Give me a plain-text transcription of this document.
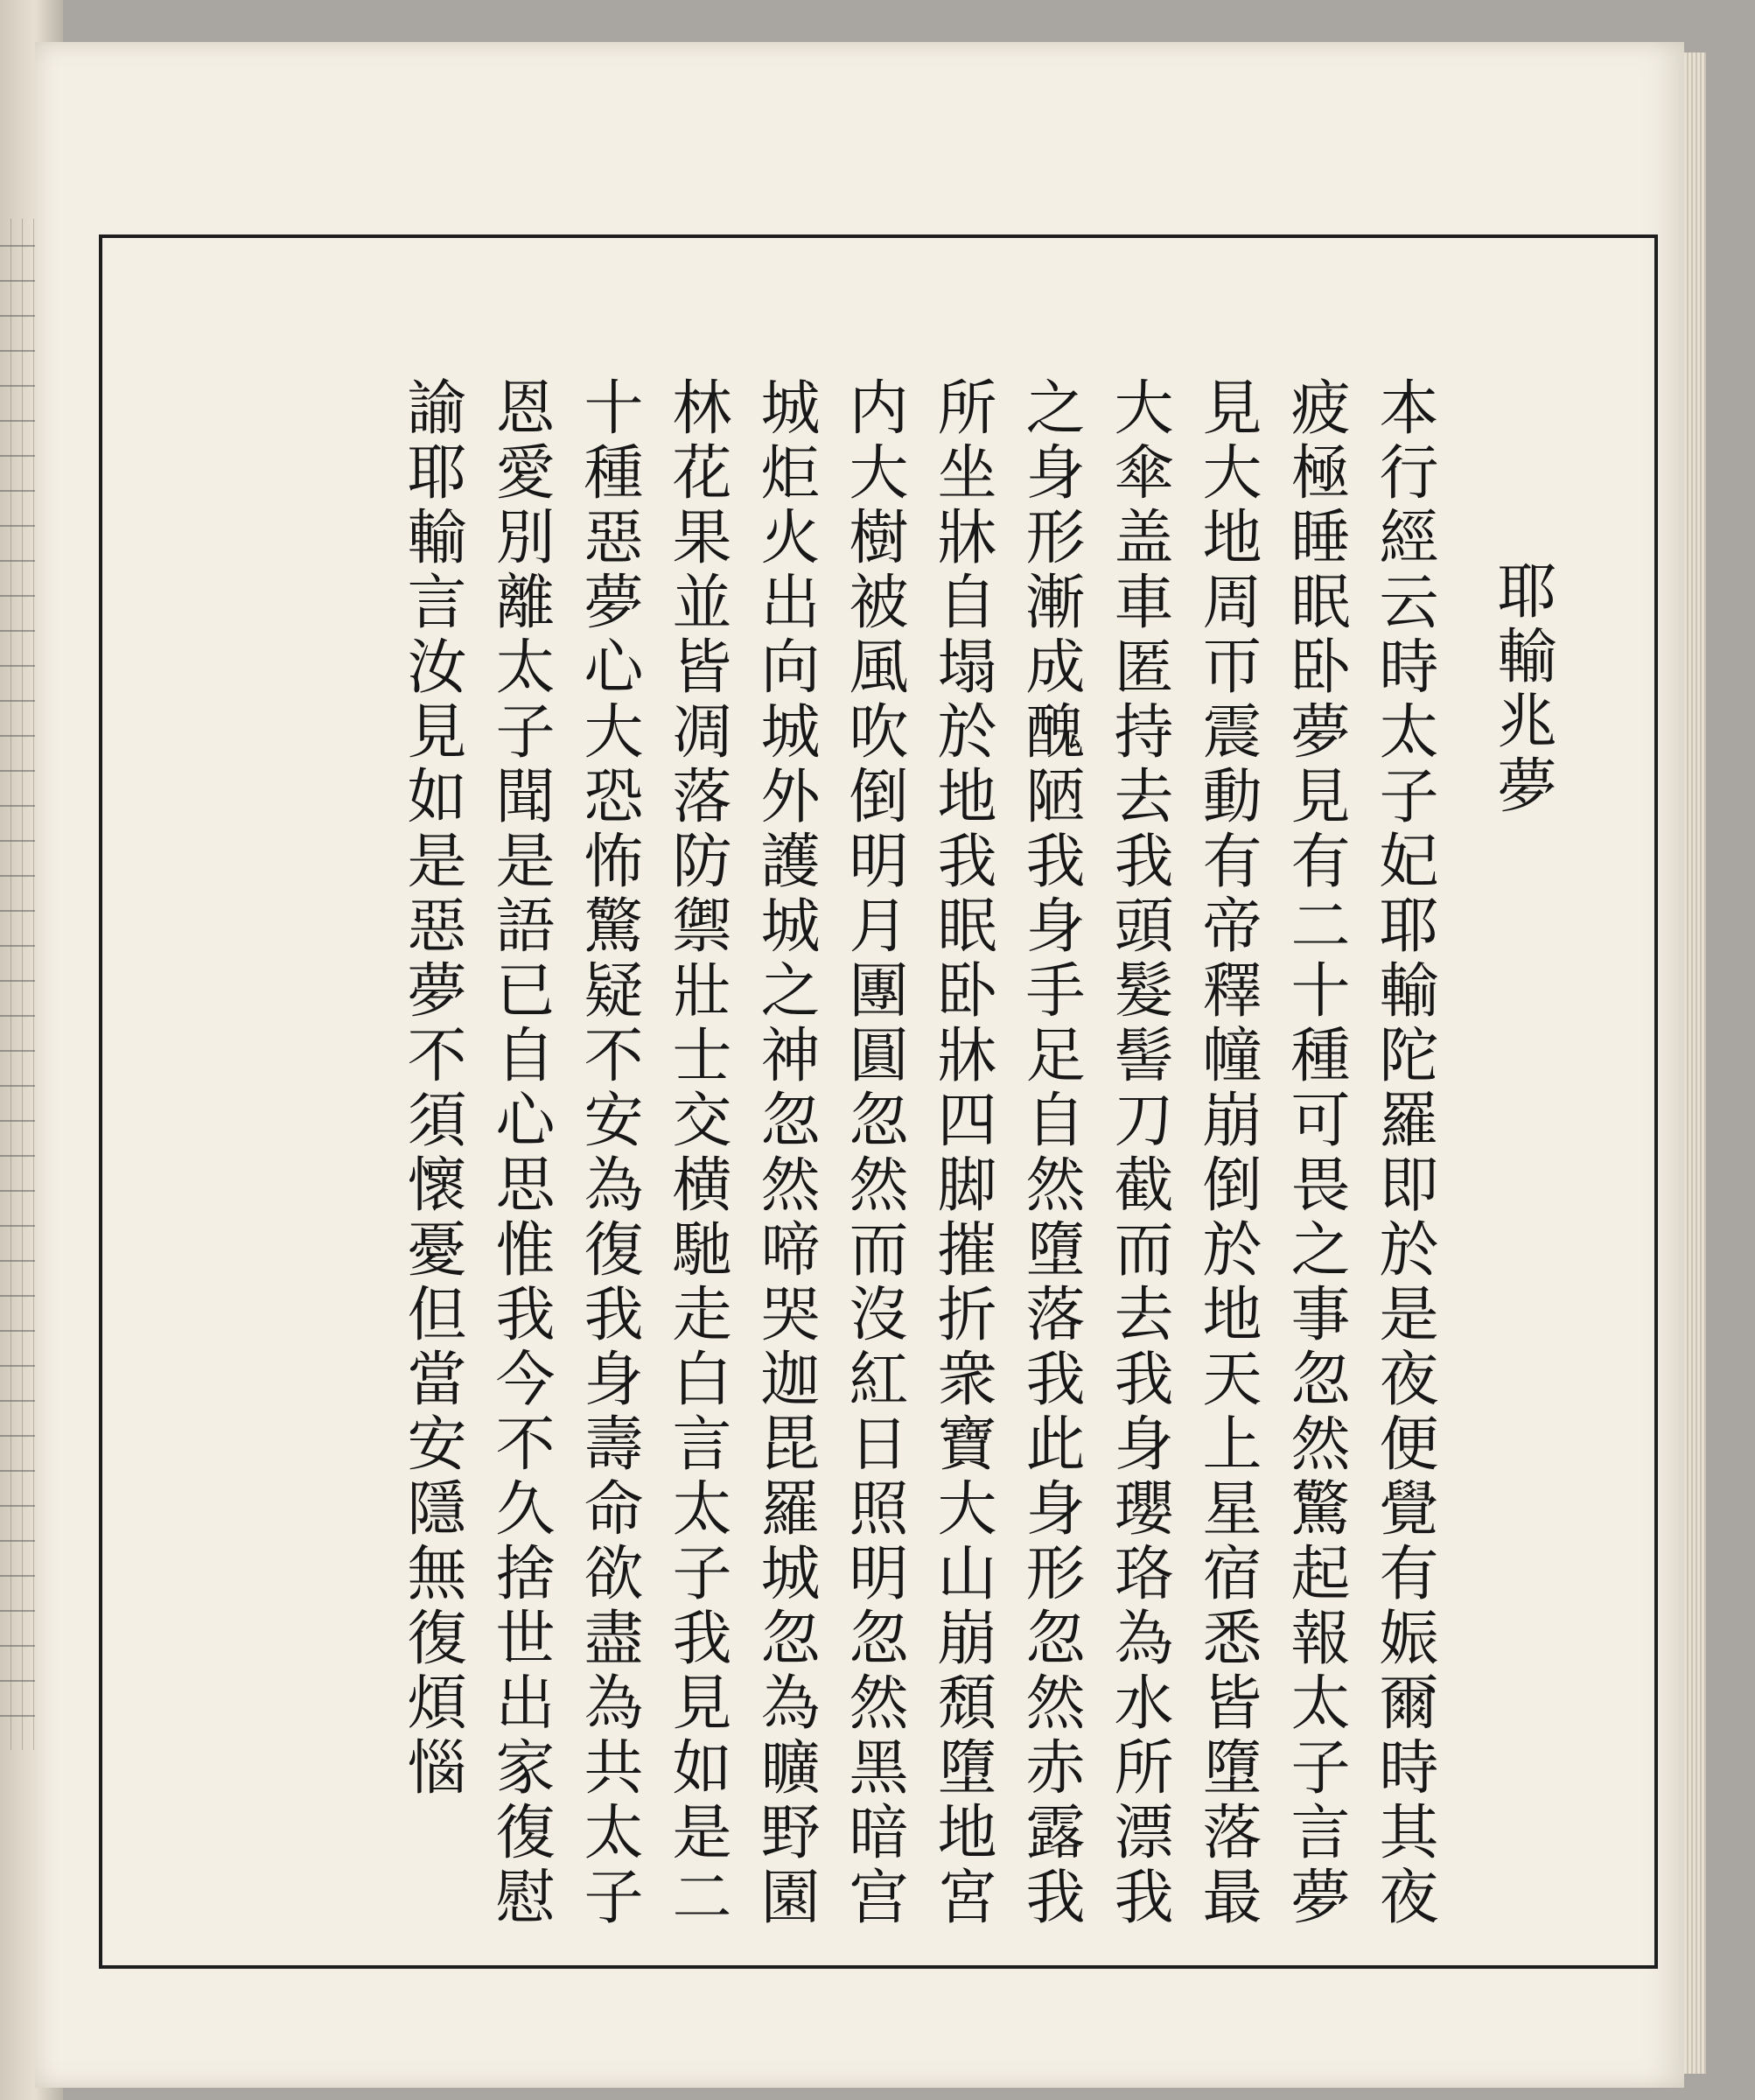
耶輸兆夢
本行經云時太子妃耶輸陀羅即於是夜便覺有娠爾時其夜
疲極睡眠卧夢見有二十種可畏之事忽然驚起報太子言夢
見大地周帀震動有帝釋幢崩倒於地天上星宿悉皆墮落最
大傘盖車匿持去我頭髮髻刀截而去我身瓔珞為水所漂我
之身形漸成醜陋我身手足自然墮落我此身形忽然赤露我
所坐牀自塌於地我眠卧牀四脚摧折衆寶大山崩頹墮地宮
内大樹被風吹倒明月團圓忽然而沒紅日照明忽然黑暗宫
城炬火出向城外護城之神忽然啼哭迦毘羅城忽為曠野園
林花果並皆凋落防禦壯士交横馳走白言太子我見如是二
十種惡夢心大恐怖驚疑不安為復我身壽命欲盡為共太子
恩愛別離太子聞是語已自心思惟我今不久捨世出家復慰
諭耶輸言汝見如是惡夢不須懷憂但當安隱無復煩惱
